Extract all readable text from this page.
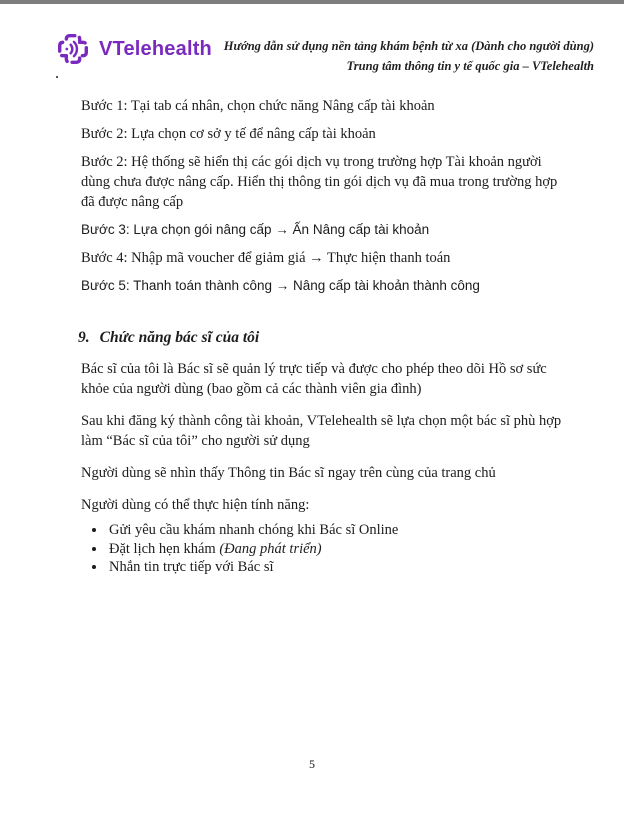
VTelehealth Hướng dẫn sử dụng nền tảng khám bệnh từ xa (Dành cho người dùng)
Trung tâm thông tin y tế quốc gia – VTelehealth

Bước 1: Tại tab cá nhân, chọn chức năng Nâng cấp tài khoản

Bước 2: Lựa chọn cơ sở y tế để nâng cấp tài khoản

Bước 2: Hệ thống sẽ hiển thị các gói dịch vụ trong trường hợp Tài khoản người dùng chưa được nâng cấp. Hiển thị thông tin gói dịch vụ đã mua trong trường hợp đã được nâng cấp

Bước 3: Lựa chọn gói nâng cấp → Ấn Nâng cấp tài khoản

Bước 4: Nhập mã voucher để giảm giá → Thực hiện thanh toán

Bước 5: Thanh toán thành công → Nâng cấp tài khoản thành công

9. Chức năng bác sĩ của tôi

Bác sĩ của tôi là Bác sĩ sẽ quản lý trực tiếp và được cho phép theo dõi Hồ sơ sức khỏe của người dùng (bao gồm cả các thành viên gia đình)

Sau khi đăng ký thành công tài khoản, VTelehealth sẽ lựa chọn một bác sĩ phù hợp làm “Bác sĩ của tôi” cho người sử dụng

Người dùng sẽ nhìn thấy Thông tin Bác sĩ ngay trên cùng của trang chủ

Người dùng có thể thực hiện tính năng:

• Gửi yêu cầu khám nhanh chóng khi Bác sĩ Online
• Đặt lịch hẹn khám (Đang phát triển)
• Nhắn tin trực tiếp với Bác sĩ
5
